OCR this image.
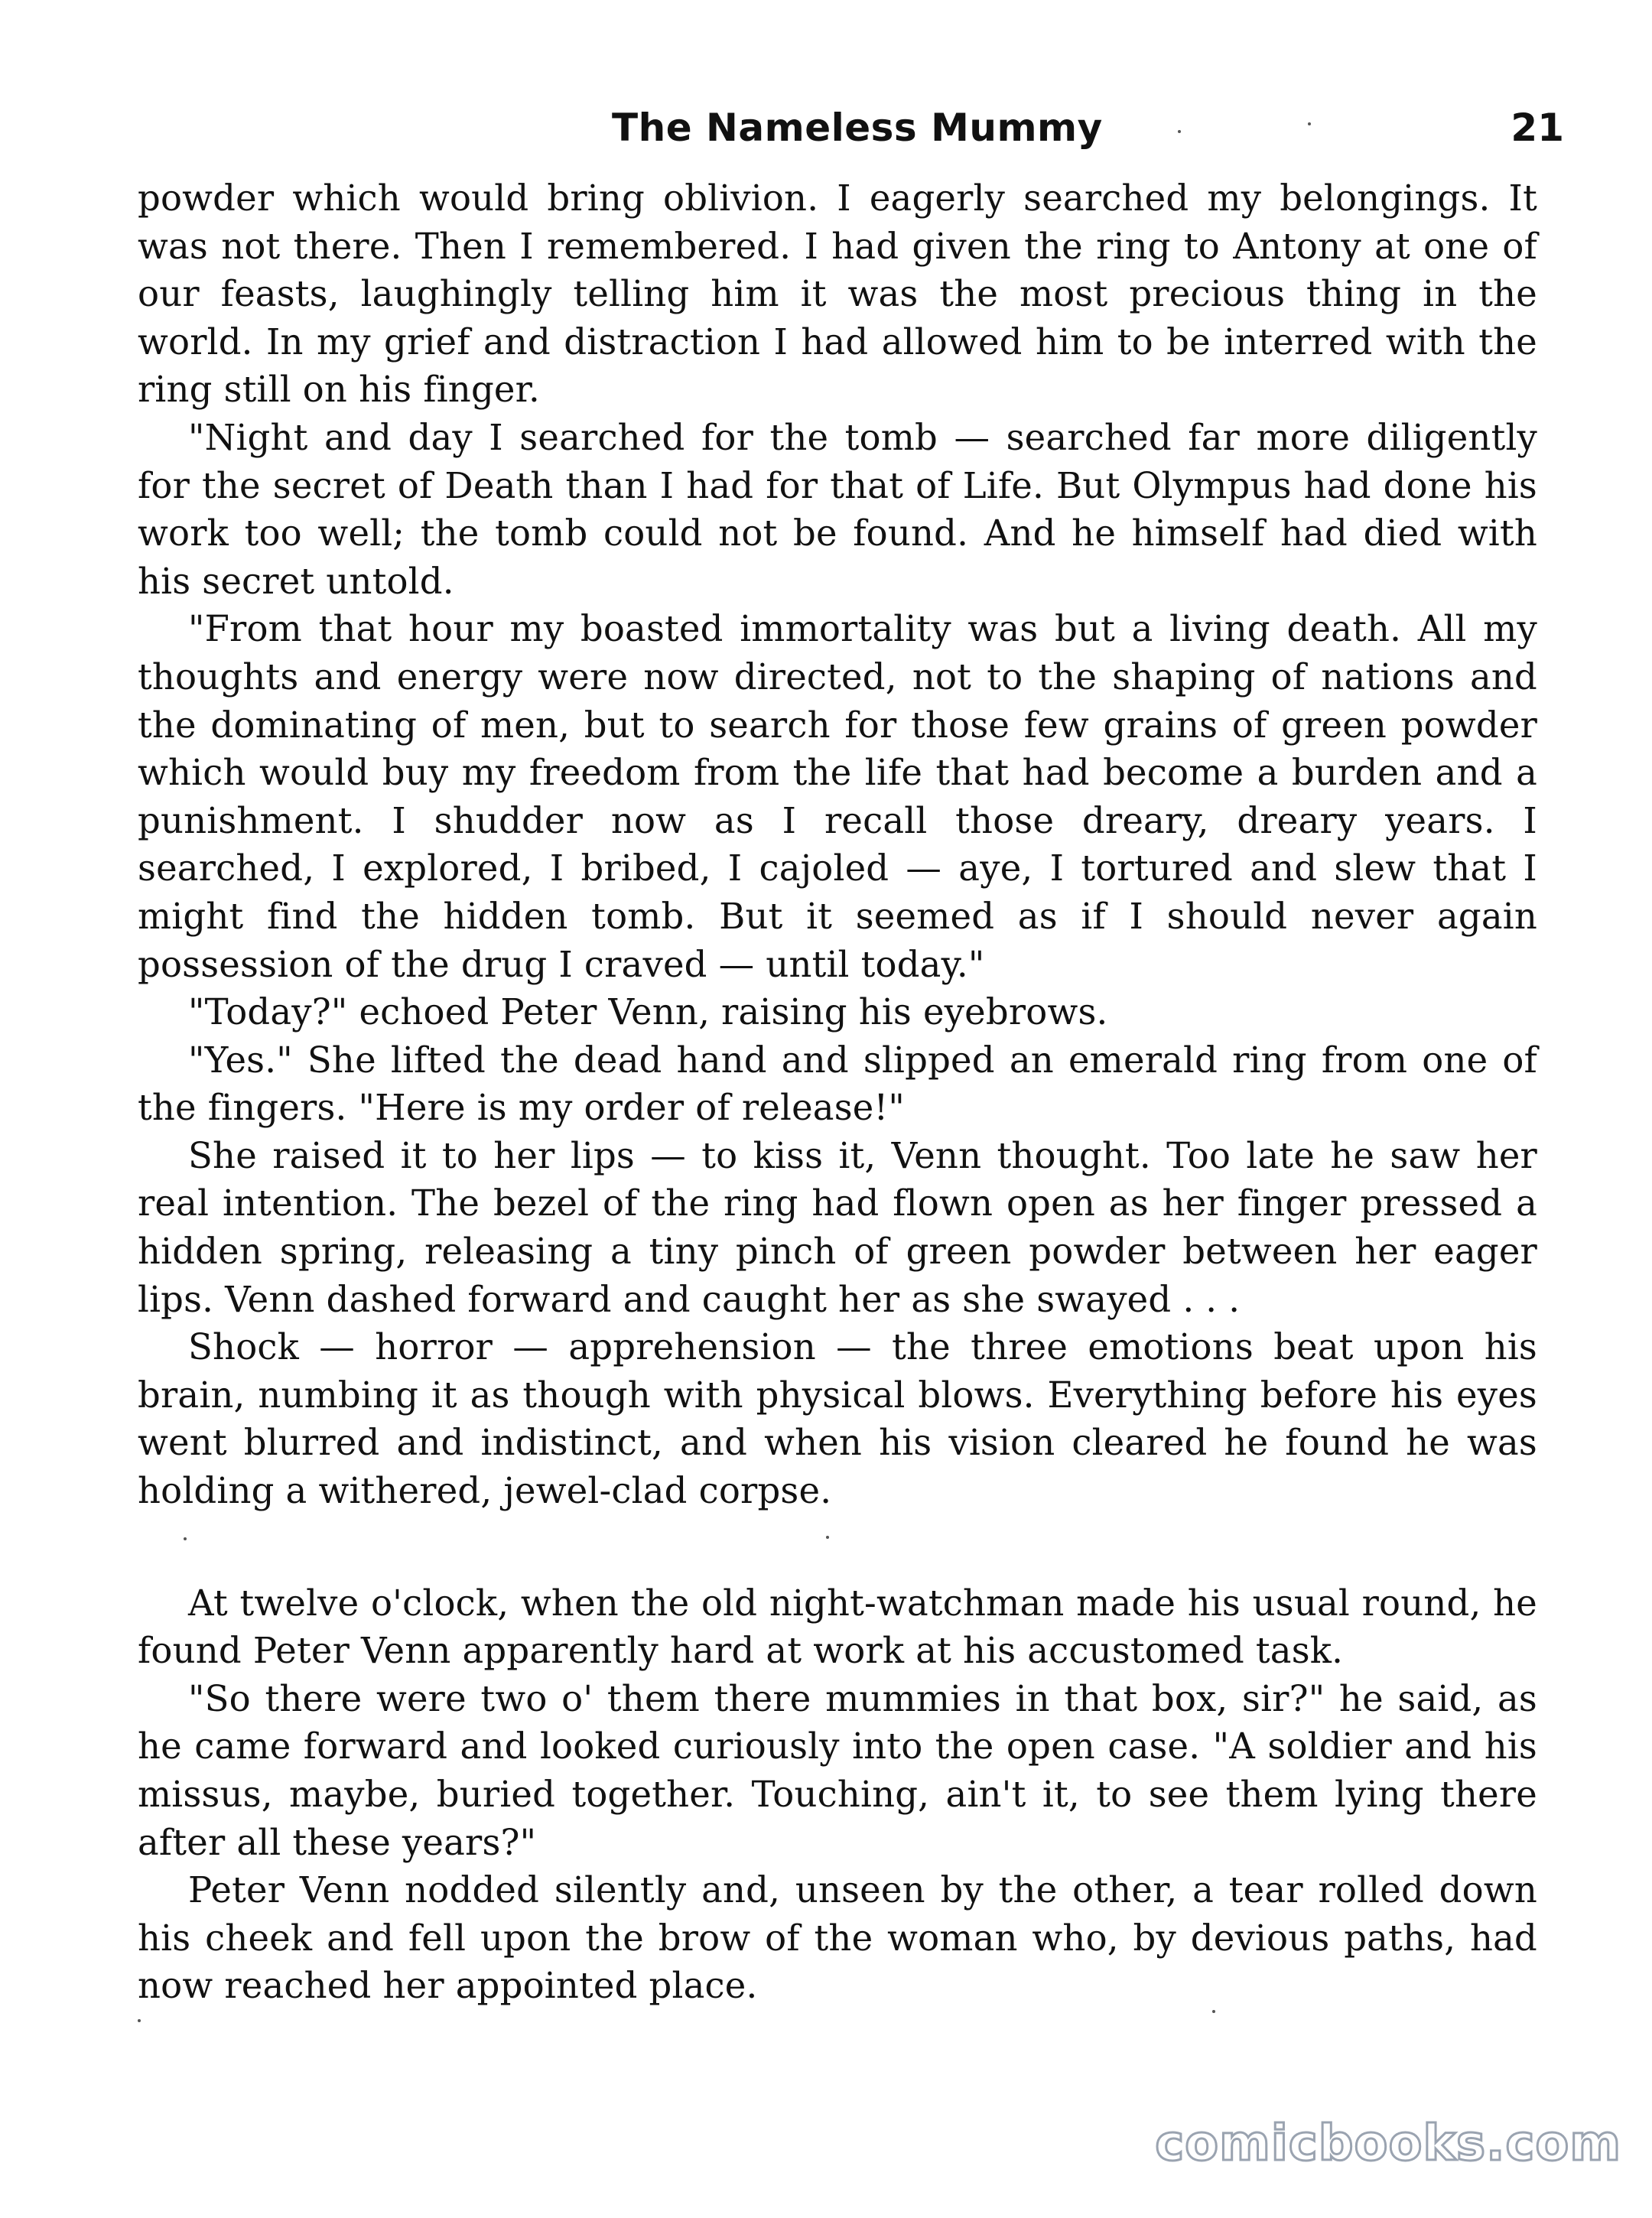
The Nameless Mummy	21

powder which would bring oblivion. I eagerly searched my belongings. It was not there. Then I remembered. I had given the ring to Antony at one of our feasts, laughingly telling him it was the most precious thing in the world. In my grief and distraction I had allowed him to be interred with the ring still on his finger.

"Night and day I searched for the tomb — searched far more diligently for the secret of Death than I had for that of Life. But Olympus had done his work too well; the tomb could not be found. And he himself had died with his secret untold.

"From that hour my boasted immortality was but a living death. All my thoughts and energy were now directed, not to the shaping of nations and the dominating of men, but to search for those few grains of green powder which would buy my freedom from the life that had become a burden and a punishment. I shudder now as I recall those dreary, dreary years. I searched, I explored, I bribed, I cajoled — aye, I tortured and slew that I might find the hidden tomb. But it seemed as if I should never again possession of the drug I craved — until today."

"Today?" echoed Peter Venn, raising his eyebrows.

"Yes." She lifted the dead hand and slipped an emerald ring from one of the fingers. "Here is my order of release!"

She raised it to her lips — to kiss it, Venn thought. Too late he saw her real intention. The bezel of the ring had flown open as her finger pressed a hidden spring, releasing a tiny pinch of green powder between her eager lips. Venn dashed forward and caught her as she swayed . . .

Shock — horror — apprehension — the three emotions beat upon his brain, numbing it as though with physical blows. Everything before his eyes went blurred and indistinct, and when his vision cleared he found he was holding a withered, jewel-clad corpse.

At twelve o'clock, when the old night-watchman made his usual round, he found Peter Venn apparently hard at work at his accustomed task.

"So there were two o' them there mummies in that box, sir?" he said, as he came forward and looked curiously into the open case. "A soldier and his missus, maybe, buried together. Touching, ain't it, to see them lying there after all these years?"

Peter Venn nodded silently and, unseen by the other, a tear rolled down his cheek and fell upon the brow of the woman who, by devious paths, had now reached her appointed place.

comicbooks.com
